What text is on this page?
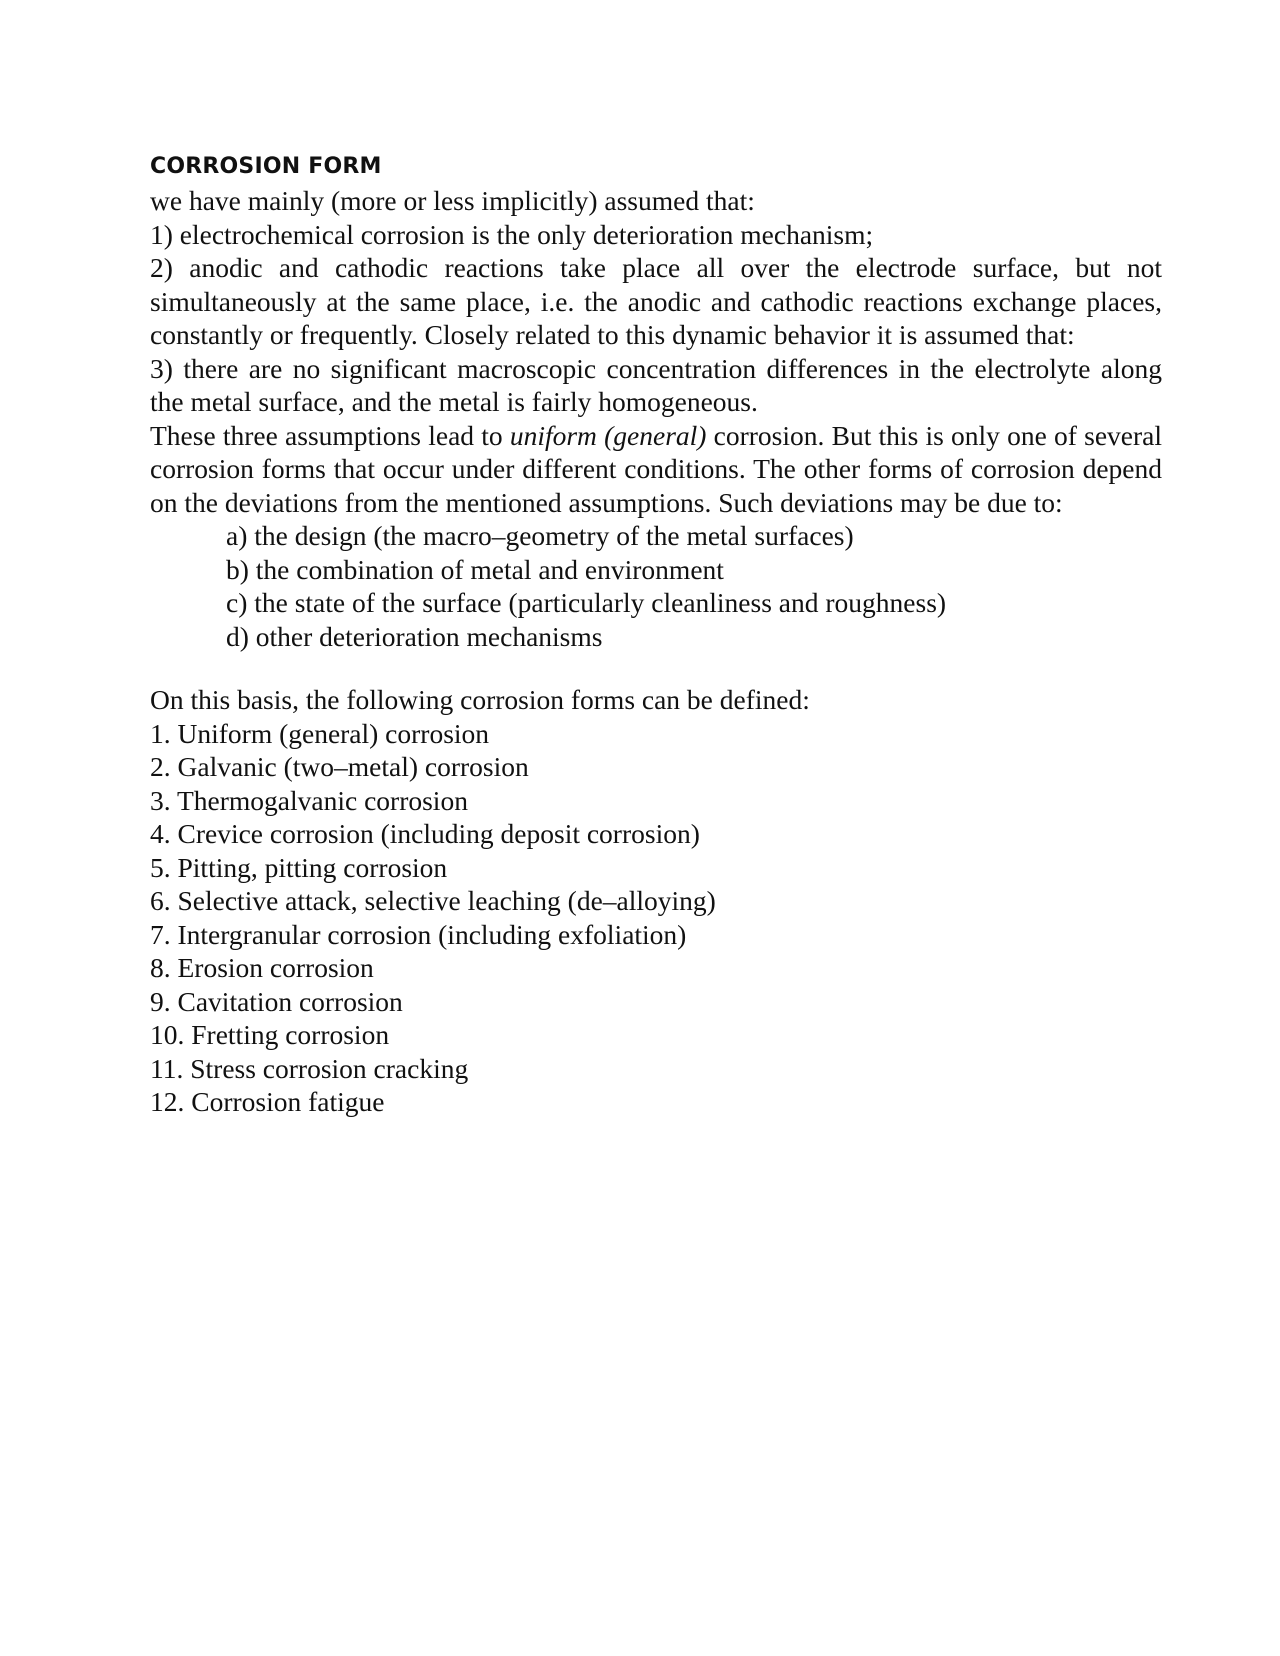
CORROSION FORM

we have mainly (more or less implicitly) assumed that:

1) electrochemical corrosion is the only deterioration mechanism;

2) anodic and cathodic reactions take place all over the electrode surface, but not simultaneously at the same place, i.e. the anodic and cathodic reactions exchange places, constantly or frequently. Closely related to this dynamic behavior it is assumed that:

3) there are no significant macroscopic concentration differences in the electrolyte along the metal surface, and the metal is fairly homogeneous.

These three assumptions lead to uniform (general) corrosion. But this is only one of several corrosion forms that occur under different conditions. The other forms of corrosion depend on the deviations from the mentioned assumptions. Such deviations may be due to:

a) the design (the macro–geometry of the metal surfaces)
b) the combination of metal and environment
c) the state of the surface (particularly cleanliness and roughness)
d) other deterioration mechanisms

On this basis, the following corrosion forms can be defined:

1. Uniform (general) corrosion
2. Galvanic (two–metal) corrosion
3. Thermogalvanic corrosion
4. Crevice corrosion (including deposit corrosion)
5. Pitting, pitting corrosion
6. Selective attack, selective leaching (de–alloying)
7. Intergranular corrosion (including exfoliation)
8. Erosion corrosion
9. Cavitation corrosion
10. Fretting corrosion
11. Stress corrosion cracking
12. Corrosion fatigue
